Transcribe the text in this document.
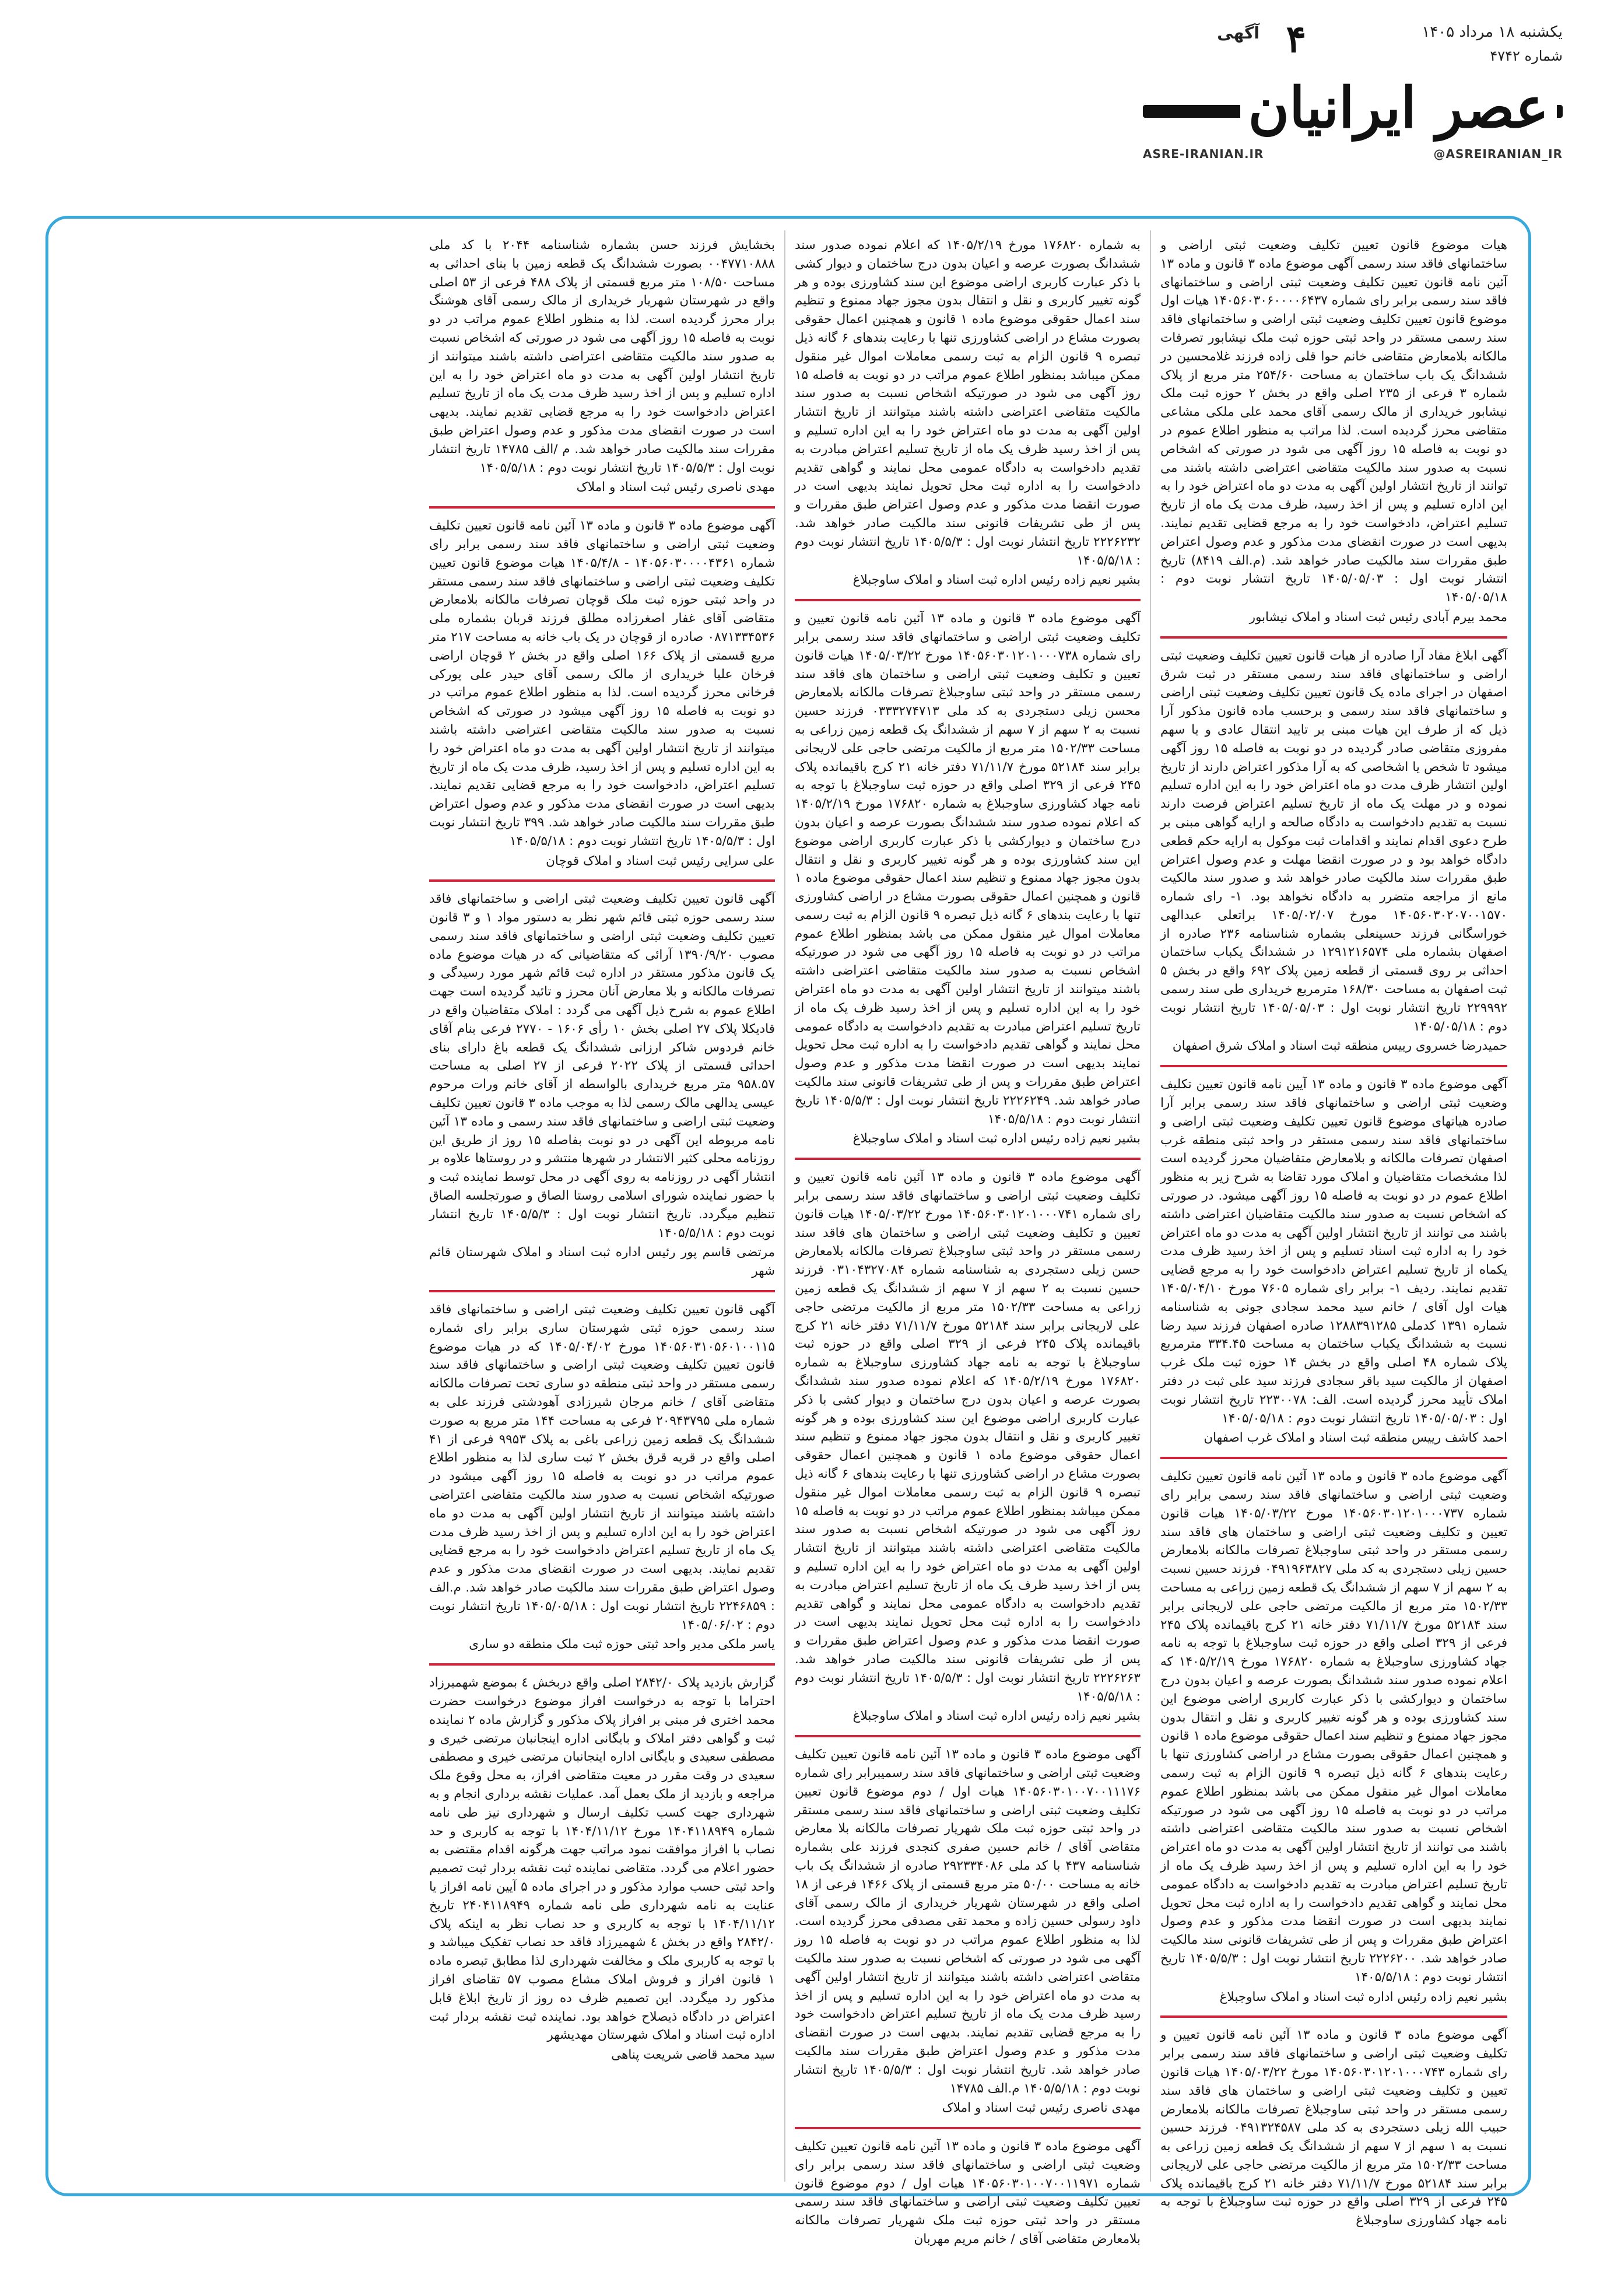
یکشنبه ۱۸ مرداد ۱۴۰۵
شماره ۴۷۴۲
آگهی ۴
عصر ایرانیان
ASRE-IRANIAN.IR	@ASREIRANIAN_IR

هیات موضوع قانون تعیین تکلیف وضعیت ثبتی اراضی و ساختمانهای فاقد سند رسمی آگهی موضوع ماده ۳ قانون و ماده ۱۳ آئین نامه قانون تعیین تکلیف وضعیت ثبتی اراضی و ساختمانهای فاقد سند رسمی برابر رای شماره ۱۴۰۵۶۰۳۰۶۰۰۰۰۶۴۳۷ هیات اول موضوع قانون تعیین تکلیف وضعیت ثبتی اراضی و ساختمانهای فاقد سند رسمی مستقر در واحد ثبتی حوزه ثبت ملک نیشابور تصرفات مالکانه بلامعارض متقاضی خانم حوا قلی زاده فرزند غلامحسین در ششدانگ یک باب ساختمان به مساحت ۲۵۴/۶۰ متر مربع از پلاک شماره ۳ فرعی از ۲۳۵ اصلی واقع در بخش ۲ حوزه ثبت ملک نیشابور خریداری از مالک رسمی آقای محمد علی ملکی مشاعی متقاضی محرز گردیده است. لذا مراتب به منظور اطلاع عموم در دو نوبت به فاصله ۱۵ روز آگهی می شود در صورتی که اشخاص نسبت به صدور سند مالکیت متقاضی اعتراضی داشته باشند می توانند از تاریخ انتشار اولین آگهی به مدت دو ماه اعتراض خود را به این اداره تسلیم و پس از اخذ رسید، ظرف مدت یک ماه از تاریخ تسلیم اعتراض، دادخواست خود را به مرجع قضایی تقدیم نمایند. بدیهی است در صورت انقضای مدت مذکور و عدم وصول اعتراض طبق مقررات سند مالکیت صادر خواهد شد. (م.الف ۸۴۱۹) تاریخ انتشار نوبت اول : ۱۴۰۵/۰۵/۰۳ تاریخ انتشار نوبت دوم : ۱۴۰۵/۰۵/۱۸

محمد بیرم آبادی رئیس ثبت اسناد و املاک نیشابور

آگهی ابلاغ مفاد آرا صادره از هیات قانون تعیین تکلیف وضعیت ثبتی اراضی و ساختمانهای فاقد سند رسمی مستقر در ثبت شرق اصفهان در اجرای ماده یک قانون تعیین تکلیف وضعیت ثبتی اراضی و ساختمانهای فاقد سند رسمی و برحسب ماده قانون مذکور آرا ذیل که از طرف این هیات مبنی بر تایید انتقال عادی و یا سهم مفروزی متقاضی صادر گردیده در دو نوبت به فاصله ۱۵ روز آگهی میشود تا شخص یا اشخاصی که به آرا مذکور اعتراض دارند از تاریخ اولین انتشار ظرف مدت دو ماه اعتراض خود را به این اداره تسلیم نموده و در مهلت یک ماه از تاریخ تسلیم اعتراض فرصت دارند نسبت به تقدیم دادخواست به دادگاه صالحه و ارایه گواهی مبنی بر طرح دعوی اقدام نمایند و اقدامات ثبت موکول به ارایه حکم قطعی دادگاه خواهد بود و در صورت انقضا مهلت و عدم وصول اعتراض طبق مقررات سند مالکیت صادر خواهد شد و صدور سند مالکیت مانع از مراجعه متضرر به دادگاه نخواهد بود. ۱- رای شماره ۱۴۰۵۶۰۳۰۲۰۷۰۰۱۵۷۰ مورخ ۱۴۰۵/۰۲/۰۷ براتعلی عبدالهی خوراسگانی فرزند حسینعلی بشماره شناسنامه ۲۳۶ صادره از اصفهان بشماره ملی ۱۲۹۱۲۱۶۵۷۴ در ششدانگ یکباب ساختمان احداثی بر روی قسمتی از قطعه زمین پلاک ۶۹۲ واقع در بخش ۵ ثبت اصفهان به مساحت ۱۶۸/۳۰ مترمربع خریداری طی سند رسمی ۲۲۹۹۹۲ تاریخ انتشار نوبت اول : ۱۴۰۵/۰۵/۰۳ تاریخ انتشار نوبت دوم : ۱۴۰۵/۰۵/۱۸

حمیدرضا خسروی رییس منطقه ثبت اسناد و املاک شرق اصفهان

آگهی موضوع ماده ۳ قانون و ماده ۱۳ آیین نامه قانون تعیین تکلیف وضعیت ثبتی اراضی و ساختمانهای فاقد سند رسمی برابر آرا صادره هیاتهای موضوع قانون تعیین تکلیف وضعیت ثبتی اراضی و ساختمانهای فاقد سند رسمی مستقر در واحد ثبتی منطقه غرب اصفهان تصرفات مالکانه و بلامعارض متقاضیان محرز گردیده است لذا مشخصات متقاضیان و املاک مورد تقاضا به شرح زیر به منظور اطلاع عموم در دو نوبت به فاصله ۱۵ روز آگهی میشود. در صورتی که اشخاص نسبت به صدور سند مالکیت متقاضیان اعتراضی داشته باشند می توانند از تاریخ انتشار اولین آگهی به مدت دو ماه اعتراض خود را به اداره ثبت اسناد تسلیم و پس از اخذ رسید ظرف مدت یکماه از تاریخ تسلیم اعتراض دادخواست خود را به مرجع قضایی تقدیم نمایند. ردیف ۱- برابر رای شماره ۷۶۰۵ مورخ ۱۴۰۵/۰۴/۱۰ هیات اول آقای / خانم سید محمد سجادی جونی به شناسنامه شماره ۱۳۹۱ کدملی ۱۲۸۸۳۹۱۲۸۵ صادره اصفهان فرزند سید رضا نسبت به ششدانگ یکباب ساختمان به مساحت ۳۳۴.۴۵ مترمربع پلاک شماره ۴۸ اصلی واقع در بخش ۱۴ حوزه ثبت ملک غرب اصفهان از مالکیت سید باقر سجادی فرزند سید علی ثبت در دفتر املاک تأیید محرز گردیده است. الف: ۲۲۳۰۰۷۸ تاریخ انتشار نوبت اول : ۱۴۰۵/۰۵/۰۳ تاریخ انتشار نوبت دوم : ۱۴۰۵/۰۵/۱۸

احمد کاشف رییس منطقه ثبت اسناد و املاک غرب اصفهان

آگهی موضوع ماده ۳ قانون و ماده ۱۳ آئین نامه قانون تعیین تکلیف وضعیت ثبتی اراضی و ساختمانهای فاقد سند رسمی برابر رای شماره ۱۴۰۵۶۰۳۰۱۲۰۱۰۰۰۷۳۷ مورخ ۱۴۰۵/۰۳/۲۲ هیات قانون تعیین و تکلیف وضعیت ثبتی اراضی و ساختمان های فاقد سند رسمی مستقر در واحد ثبتی ساوجبلاغ تصرفات مالکانه بلامعارض حسین زیلی دستجردی به کد ملی ۰۴۹۱۹۶۳۸۲۷ فرزند حسین نسبت به ۲ سهم از ۷ سهم از ششدانگ یک قطعه زمین زراعی به مساحت ۱۵۰۲/۳۳ متر مربع از مالکیت مرتضی حاجی علی لاریجانی برابر سند ۵۲۱۸۴ مورخ ۷۱/۱۱/۷ دفتر خانه ۲۱ کرج باقیمانده پلاک ۲۴۵ فرعی از ۳۲۹ اصلی واقع در حوزه ثبت ساوجبلاغ با توجه به نامه جهاد کشاورزی ساوجبلاغ به شماره ۱۷۶۸۲۰ مورخ ۱۴۰۵/۲/۱۹ که اعلام نموده صدور سند ششدانگ بصورت عرصه و اعیان بدون درج ساختمان و دیوارکشی با ذکر عبارت کاربری اراضی موضوع این سند کشاورزی بوده و هر گونه تغییر کاربری و نقل و انتقال بدون مجوز جهاد ممنوع و تنظیم سند اعمال حقوقی موضوع ماده ۱ قانون و همچنین اعمال حقوقی بصورت مشاع در اراضی کشاورزی تنها با رعایت بندهای ۶ گانه ذیل تبصره ۹ قانون الزام به ثبت رسمی معاملات اموال غیر منقول ممکن می باشد بمنظور اطلاع عموم مراتب در دو نوبت به فاصله ۱۵ روز آگهی می شود در صورتیکه اشخاص نسبت به صدور سند مالکیت متقاضی اعتراضی داشته باشند می توانند از تاریخ انتشار اولین آگهی به مدت دو ماه اعتراض خود را به این اداره تسلیم و پس از اخذ رسید ظرف یک ماه از تاریخ تسلیم اعتراض مبادرت به تقدیم دادخواست به دادگاه عمومی محل نمایند و گواهی تقدیم دادخواست را به اداره ثبت محل تحویل نمایند بدیهی است در صورت انقضا مدت مذکور و عدم وصول اعتراض طبق مقررات و پس از طی تشریفات قانونی سند مالکیت صادر خواهد شد. ۲۲۲۶۲۰۰ تاریخ انتشار نوبت اول : ۱۴۰۵/۵/۳ تاریخ انتشار نوبت دوم : ۱۴۰۵/۵/۱۸

بشیر نعیم زاده رئیس اداره ثبت اسناد و املاک ساوجبلاغ

آگهی موضوع ماده ۳ قانون و ماده ۱۳ آئین نامه قانون تعیین و تکلیف وضعیت ثبتی اراضی و ساختمانهای فاقد سند رسمی برابر رای شماره ۱۴۰۵۶۰۳۰۱۲۰۱۰۰۰۷۴۳ مورخ ۱۴۰۵/۰۳/۲۲ هیات قانون تعیین و تکلیف وضعیت ثبتی اراضی و ساختمان های فاقد سند رسمی مستقر در واحد ثبتی ساوجبلاغ تصرفات مالکانه بلامعارض حبیب الله زیلی دستجردی به کد ملی ۰۴۹۱۳۲۴۵۸۷ فرزند حسین نسبت به ۱ سهم از ۷ سهم از ششدانگ یک قطعه زمین زراعی به مساحت ۱۵۰۲/۳۳ متر مربع از مالکیت مرتضی حاجی علی لاریجانی برابر سند ۵۲۱۸۴ مورخ ۷۱/۱۱/۷ دفتر خانه ۲۱ کرج باقیمانده پلاک ۲۴۵ فرعی از ۳۲۹ اصلی واقع در حوزه ثبت ساوجبلاغ با توجه به نامه جهاد کشاورزی ساوجبلاغ

به شماره ۱۷۶۸۲۰ مورخ ۱۴۰۵/۲/۱۹ که اعلام نموده صدور سند ششدانگ بصورت عرصه و اعیان بدون درج ساختمان و دیوار کشی با ذکر عبارت کاربری اراضی موضوع این سند کشاورزی بوده و هر گونه تغییر کاربری و نقل و انتقال بدون مجوز جهاد ممنوع و تنظیم سند اعمال حقوقی موضوع ماده ۱ قانون و همچنین اعمال حقوقی بصورت مشاع در اراضی کشاورزی تنها با رعایت بندهای ۶ گانه ذیل تبصره ۹ قانون الزام به ثبت رسمی معاملات اموال غیر منقول ممکن میباشد بمنظور اطلاع عموم مراتب در دو نوبت به فاصله ۱۵ روز آگهی می شود در صورتیکه اشخاص نسبت به صدور سند مالکیت متقاضی اعتراضی داشته باشند میتوانند از تاریخ انتشار اولین آگهی به مدت دو ماه اعتراض خود را به این اداره تسلیم و پس از اخذ رسید ظرف یک ماه از تاریخ تسلیم اعتراض مبادرت به تقدیم دادخواست به دادگاه عمومی محل نمایند و گواهی تقدیم دادخواست را به اداره ثبت محل تحویل نمایند بدیهی است در صورت انقضا مدت مذکور و عدم وصول اعتراض طبق مقررات و پس از طی تشریفات قانونی سند مالکیت صادر خواهد شد. ۲۲۲۶۲۳۲ تاریخ انتشار نوبت اول : ۱۴۰۵/۵/۳ تاریخ انتشار نوبت دوم : ۱۴۰۵/۵/۱۸

بشیر نعیم زاده رئیس اداره ثبت اسناد و املاک ساوجبلاغ

آگهی موضوع ماده ۳ قانون و ماده ۱۳ آئین نامه قانون تعیین و تکلیف وضعیت ثبتی اراضی و ساختمانهای فاقد سند رسمی برابر رای شماره ۱۴۰۵۶۰۳۰۱۲۰۱۰۰۰۷۳۸ مورخ ۱۴۰۵/۰۳/۲۲ هیات قانون تعیین و تکلیف وضعیت ثبتی اراضی و ساختمان های فاقد سند رسمی مستقر در واحد ثبتی ساوجبلاغ تصرفات مالکانه بلامعارض محسن زیلی دستجردی به کد ملی ۰۳۳۳۲۷۴۷۱۳ فرزند حسین نسبت به ۲ سهم از ۷ سهم از ششدانگ یک قطعه زمین زراعی به مساحت ۱۵۰۲/۳۳ متر مربع از مالکیت مرتضی حاجی علی لاریجانی برابر سند ۵۲۱۸۴ مورخ ۷۱/۱۱/۷ دفتر خانه ۲۱ کرج باقیمانده پلاک ۲۴۵ فرعی از ۳۲۹ اصلی واقع در حوزه ثبت ساوجبلاغ با توجه به نامه جهاد کشاورزی ساوجبلاغ به شماره ۱۷۶۸۲۰ مورخ ۱۴۰۵/۲/۱۹ که اعلام نموده صدور سند ششدانگ بصورت عرصه و اعیان بدون درج ساختمان و دیوارکشی با ذکر عبارت کاربری اراضی موضوع این سند کشاورزی بوده و هر گونه تغییر کاربری و نقل و انتقال بدون مجوز جهاد ممنوع و تنظیم سند اعمال حقوقی موضوع ماده ۱ قانون و همچنین اعمال حقوقی بصورت مشاع در اراضی کشاورزی تنها با رعایت بندهای ۶ گانه ذیل تبصره ۹ قانون الزام به ثبت رسمی معاملات اموال غیر منقول ممکن می باشد بمنظور اطلاع عموم مراتب در دو نوبت به فاصله ۱۵ روز آگهی می شود در صورتیکه اشخاص نسبت به صدور سند مالکیت متقاضی اعتراضی داشته باشند میتوانند از تاریخ انتشار اولین آگهی به مدت دو ماه اعتراض خود را به این اداره تسلیم و پس از اخذ رسید ظرف یک ماه از تاریخ تسلیم اعتراض مبادرت به تقدیم دادخواست به دادگاه عمومی محل نمایند و گواهی تقدیم دادخواست را به اداره ثبت محل تحویل نمایند بدیهی است در صورت انقضا مدت مذکور و عدم وصول اعتراض طبق مقررات و پس از طی تشریفات قانونی سند مالکیت صادر خواهد شد. ۲۲۲۶۲۴۹ تاریخ انتشار نوبت اول : ۱۴۰۵/۵/۳ تاریخ انتشار نوبت دوم : ۱۴۰۵/۵/۱۸

بشیر نعیم زاده رئیس اداره ثبت اسناد و املاک ساوجبلاغ

آگهی موضوع ماده ۳ قانون و ماده ۱۳ آئین نامه قانون تعیین و تکلیف وضعیت ثبتی اراضی و ساختمانهای فاقد سند رسمی برابر رای شماره ۱۴۰۵۶۰۳۰۱۲۰۱۰۰۰۷۴۱ مورخ ۱۴۰۵/۰۳/۲۲ هیات قانون تعیین و تکلیف وضعیت ثبتی اراضی و ساختمان های فاقد سند رسمی مستقر در واحد ثبتی ساوجبلاغ تصرفات مالکانه بلامعارض حسن زیلی دستجردی به شناسنامه شماره ۰۳۱۰۴۳۲۷۰۸۴ فرزند حسین نسبت به ۲ سهم از ۷ سهم از ششدانگ یک قطعه زمین زراعی به مساحت ۱۵۰۲/۳۳ متر مربع از مالکیت مرتضی حاجی علی لاریجانی برابر سند ۵۲۱۸۴ مورخ ۷۱/۱۱/۷ دفتر خانه ۲۱ کرج باقیمانده پلاک ۲۴۵ فرعی از ۳۲۹ اصلی واقع در حوزه ثبت ساوجبلاغ با توجه به نامه جهاد کشاورزی ساوجبلاغ به شماره ۱۷۶۸۲۰ مورخ ۱۴۰۵/۲/۱۹ که اعلام نموده صدور سند ششدانگ بصورت عرصه و اعیان بدون درج ساختمان و دیوار کشی با ذکر عبارت کاربری اراضی موضوع این سند کشاورزی بوده و هر گونه تغییر کاربری و نقل و انتقال بدون مجوز جهاد ممنوع و تنظیم سند اعمال حقوقی موضوع ماده ۱ قانون و همچنین اعمال حقوقی بصورت مشاع در اراضی کشاورزی تنها با رعایت بندهای ۶ گانه ذیل تبصره ۹ قانون الزام به ثبت رسمی معاملات اموال غیر منقول ممکن میباشد بمنظور اطلاع عموم مراتب در دو نوبت به فاصله ۱۵ روز آگهی می شود در صورتیکه اشخاص نسبت به صدور سند مالکیت متقاضی اعتراضی داشته باشند میتوانند از تاریخ انتشار اولین آگهی به مدت دو ماه اعتراض خود را به این اداره تسلیم و پس از اخذ رسید ظرف یک ماه از تاریخ تسلیم اعتراض مبادرت به تقدیم دادخواست به دادگاه عمومی محل نمایند و گواهی تقدیم دادخواست را به اداره ثبت محل تحویل نمایند بدیهی است در صورت انقضا مدت مذکور و عدم وصول اعتراض طبق مقررات و پس از طی تشریفات قانونی سند مالکیت صادر خواهد شد. ۲۲۲۶۲۶۳ تاریخ انتشار نوبت اول : ۱۴۰۵/۵/۳ تاریخ انتشار نوبت دوم : ۱۴۰۵/۵/۱۸

بشیر نعیم زاده رئیس اداره ثبت اسناد و املاک ساوجبلاغ

آگهی موضوع ماده ۳ قانون و ماده ۱۳ آئین نامه قانون تعیین تکلیف وضعیت ثبتی اراضی و ساختمانهای فاقد سند رسمیبرابر رای شماره ۱۴۰۵۶۰۳۰۱۰۰۷۰۰۱۱۱۷۶ هیات اول / دوم موضوع قانون تعیین تکلیف وضعیت ثبتی اراضی و ساختمانهای فاقد سند رسمی مستقر در واحد ثبتی حوزه ثبت ملک شهریار تصرفات مالکانه بلا معارض متقاضی آقای / خانم حسین صفری کنجدی فرزند علی بشماره شناسنامه ۴۳۷ با کد ملی ۲۹۲۳۳۴۰۸۶ صادره از ششدانگ یک باب خانه به مساحت ۵۰/۰۰ متر مربع قسمتی از پلاک ۱۴۶۶ فرعی از ۱۸ اصلی واقع در شهرستان شهریار خریداری از مالک رسمی آقای داود رسولی حسین زاده و محمد تقی مصدقی محرز گردیده است. لذا به منظور اطلاع عموم مراتب در دو نوبت به فاصله ۱۵ روز آگهی می شود در صورتی که اشخاص نسبت به صدور سند مالکیت متقاضی اعتراضی داشته باشند میتوانند از تاریخ انتشار اولین آگهی به مدت دو ماه اعتراض خود را به این اداره تسلیم و پس از اخذ رسید ظرف مدت یک ماه از تاریخ تسلیم اعتراض دادخواست خود را به مرجع قضایی تقدیم نمایند. بدیهی است در صورت انقضای مدت مذکور و عدم وصول اعتراض طبق مقررات سند مالکیت صادر خواهد شد. تاریخ انتشار نوبت اول : ۱۴۰۵/۵/۳ تاریخ انتشار نوبت دوم : ۱۴۰۵/۵/۱۸ م.الف ۱۴۷۸۵

مهدی ناصری رئیس ثبت اسناد و املاک

آگهی موضوع ماده ۳ قانون و ماده ۱۳ آئین نامه قانون تعیین تکلیف وضعیت ثبتی اراضی و ساختمانهای فاقد سند رسمی برابر رای شماره ۱۴۰۵۶۰۳۰۱۰۰۷۰۰۱۱۹۷۱ هیات اول / دوم موضوع قانون تعیین تکلیف وضعیت ثبتی اراضی و ساختمانهای فاقد سند رسمی مستقر در واحد ثبتی حوزه ثبت ملک شهریار تصرفات مالکانه بلامعارض متقاضی آقای / خانم مریم مهربان

بخشایش فرزند حسن بشماره شناسنامه ۲۰۴۴ با کد ملی ۰۰۴۷۷۱۰۸۸۸ بصورت ششدانگ یک قطعه زمین با بنای احداثی به مساحت ۱۰۸/۵۰ متر مربع قسمتی از پلاک ۴۸۸ فرعی از ۵۳ اصلی واقع در شهرستان شهریار خریداری از مالک رسمی آقای هوشنگ برار محرز گردیده است. لذا به منظور اطلاع عموم مراتب در دو نوبت به فاصله ۱۵ روز آگهی می شود در صورتی که اشخاص نسبت به صدور سند مالکیت متقاضی اعتراضی داشته باشند میتوانند از تاریخ انتشار اولین آگهی به مدت دو ماه اعتراض خود را به این اداره تسلیم و پس از اخذ رسید ظرف مدت یک ماه از تاریخ تسلیم اعتراض دادخواست خود را به مرجع قضایی تقدیم نمایند. بدیهی است در صورت انقضای مدت مذکور و عدم وصول اعتراض طبق مقررات سند مالکیت صادر خواهد شد. م /الف ۱۴۷۸۵ تاریخ انتشار نوبت اول : ۱۴۰۵/۵/۳ تاریخ انتشار نوبت دوم : ۱۴۰۵/۵/۱۸

مهدی ناصری رئیس ثبت اسناد و املاک

آگهی موضوع ماده ۳ قانون و ماده ۱۳ آئین نامه قانون تعیین تکلیف وضعیت ثبتی اراضی و ساختمانهای فاقد سند رسمی برابر رای شماره ۱۴۰۵۶۰۳۰۰۰۰۴۳۶۱ - ۱۴۰۵/۴/۸ هیات موضوع قانون تعیین تکلیف وضعیت ثبتی اراضی و ساختمانهای فاقد سند رسمی مستقر در واحد ثبتی حوزه ثبت ملک قوچان تصرفات مالکانه بلامعارض متقاضی آقای غفار اصغرزاده مطلق فرزند قربان بشماره ملی ۰۸۷۱۳۳۴۵۳۶ صادره از قوچان در یک باب خانه به مساحت ۲۱۷ متر مربع قسمتی از پلاک ۱۶۶ اصلی واقع در بخش ۲ قوچان اراضی فرخان علیا خریداری از مالک رسمی آقای حیدر علی پورکی فرخانی محرز گردیده است. لذا به منظور اطلاع عموم مراتب در دو نوبت به فاصله ۱۵ روز آگهی میشود در صورتی که اشخاص نسبت به صدور سند مالکیت متقاضی اعتراضی داشته باشند میتوانند از تاریخ انتشار اولین آگهی به مدت دو ماه اعتراض خود را به این اداره تسلیم و پس از اخذ رسید، ظرف مدت یک ماه از تاریخ تسلیم اعتراض، دادخواست خود را به مرجع قضایی تقدیم نمایند. بدیهی است در صورت انقضای مدت مذکور و عدم وصول اعتراض طبق مقررات سند مالکیت صادر خواهد شد. ۳۹۹ تاریخ انتشار نوبت اول : ۱۴۰۵/۵/۳ تاریخ انتشار نوبت دوم : ۱۴۰۵/۵/۱۸

علی سرایی رئیس ثبت اسناد و املاک قوچان

آگهی قانون تعیین تکلیف وضعیت ثبتی اراضی و ساختمانهای فاقد سند رسمی حوزه ثبتی قائم شهر نظر به دستور مواد ۱ و ۳ قانون تعیین تکلیف وضعیت ثبتی اراضی و ساختمانهای فاقد سند رسمی مصوب ۱۳۹۰/۹/۲۰ آرائی که متقاضیانی که در هیات موضوع ماده یک قانون مذکور مستقر در اداره ثبت قائم شهر مورد رسیدگی و تصرفات مالکانه و بلا معارض آنان محرز و تائید گردیده است جهت اطلاع عموم به شرح ذیل آگهی می گردد : املاک متقاضیان واقع در قادیکلا پلاک ۲۷ اصلی بخش ۱۰ رأی ۱۶۰۶ - ۲۷۷۰ فرعی بنام آقای خانم فردوس شاکر ارزانی ششدانگ یک قطعه باغ دارای بنای احداثی قسمتی از پلاک ۲۰۲۲ فرعی از ۲۷ اصلی به مساحت ۹۵۸.۵۷ متر مربع خریداری بالواسطه از آقای خانم ورات مرحوم عیسی یدالهی مالک رسمی لذا به موجب ماده ۳ قانون تعیین تکلیف وضعیت ثبتی اراضی و ساختمانهای فاقد سند رسمی و ماده ۱۳ آئین نامه مربوطه این آگهی در دو نوبت بفاصله ۱۵ روز از طریق این روزنامه محلی کثیر الانتشار در شهرها منتشر و در روستاها علاوه بر انتشار آگهی در روزنامه به روی آگهی در محل توسط نماینده ثبت و با حضور نماینده شورای اسلامی روستا الصاق و صورتجلسه الصاق تنظیم میگردد. تاریخ انتشار نوبت اول : ۱۴۰۵/۵/۳ تاریخ انتشار نوبت دوم : ۱۴۰۵/۵/۱۸

مرتضی قاسم پور رئیس اداره ثبت اسناد و املاک شهرستان قائم شهر

آگهی قانون تعیین تکلیف وضعیت ثبتی اراضی و ساختمانهای فاقد سند رسمی حوزه ثبتی شهرستان ساری برابر رای شماره ۱۴۰۵۶۰۳۱۰۵۶۰۱۰۰۱۱۵ مورخ ۱۴۰۵/۰۴/۰۲ که در هیات موضوع قانون تعیین تکلیف وضعیت ثبتی اراضی و ساختمانهای فاقد سند رسمی مستقر در واحد ثبتی منطقه دو ساری تحت تصرفات مالکانه متقاضی آقای / خانم مرجان شیرزادی آهودشتی فرزند علی به شماره ملی ۲۰۹۴۳۷۹۵ فرعی به مساحت ۱۴۴ متر مربع به صورت ششدانگ یک قطعه زمین زراعی باغی به پلاک ۹۹۵۳ فرعی از ۴۱ اصلی واقع در قریه قرق بخش ۲ ثبت ساری لذا به منظور اطلاع عموم مراتب در دو نوبت به فاصله ۱۵ روز آگهی میشود در صورتیکه اشخاص نسبت به صدور سند مالکیت متقاضی اعتراضی داشته باشند میتوانند از تاریخ انتشار اولین آگهی به مدت دو ماه اعتراض خود را به این اداره تسلیم و پس از اخذ رسید ظرف مدت یک ماه از تاریخ تسلیم اعتراض دادخواست خود را به مرجع قضایی تقدیم نمایند. بدیهی است در صورت انقضای مدت مذکور و عدم وصول اعتراض طبق مقررات سند مالکیت صادر خواهد شد. م.الف : ۲۲۴۶۸۵۹ تاریخ انتشار نوبت اول : ۱۴۰۵/۰۵/۱۸ تاریخ انتشار نوبت دوم : ۱۴۰۵/۰۶/۰۲

یاسر ملکی مدیر واحد ثبتی حوزه ثبت ملک منطقه دو ساری

گزارش بازدید پلاک ۲۸۴۲/۰ اصلی واقع دربخش ٤ بموضع شهمیرزاد احتراما با توجه به درخواست افراز موضوع درخواست حضرت محمد اختری فر مبنی بر افراز پلاک مذکور و گزارش ماده ۲ نماینده ثبت و گواهی دفتر املاک و بایگانی اداره اینجانبان مرتضی خیری و مصطفی سعیدی و بایگانی اداره اینجانبان مرتضی خیری و مصطفی سعیدی در وقت مقرر در معیت متقاضی افراز، به محل وقوع ملک مراجعه و بازدید از ملک بعمل آمد. عملیات نقشه برداری انجام و به شهرداری جهت کسب تکلیف ارسال و شهرداری نیز طی نامه شماره ۱۴۰۴۱۱۸۹۴۹ مورخ ۱۴۰۴/۱۱/۱۲ با توجه به کاربری و حد نصاب با افراز موافقت نمود مراتب جهت هرگونه اقدام مقتضی به حضور اعلام می گردد. متقاضی نماینده ثبت نقشه بردار ثبت تصمیم واحد ثبتی حسب موارد مذکور و در اجرای ماده ۵ آیین نامه افراز یا عنایت به نامه شهرداری طی نامه شماره ۲۴۰۴۱۱۸۹۴۹ تاریخ ۱۴۰۴/۱۱/۱۲ با توجه به کاربری و حد نصاب نظر به اینکه پلاک ۲۸۴۲/۰ واقع در بخش ٤ شهمیرزاد فاقد حد نصاب تفکیک میباشد و با توجه به کاربری ملک و مخالفت شهرداری لذا مطابق تبصره ماده ۱ قانون افراز و فروش املاک مشاع مصوب ۵۷ تقاضای افراز مذکور رد میگردد. این تصمیم ظرف ده روز از تاریخ ابلاغ قابل اعتراض در دادگاه ذیصلاح خواهد بود. نماینده ثبت نقشه بردار ثبت اداره ثبت اسناد و املاک شهرستان مهدیشهر

سید محمد قاضی شریعت پناهی
